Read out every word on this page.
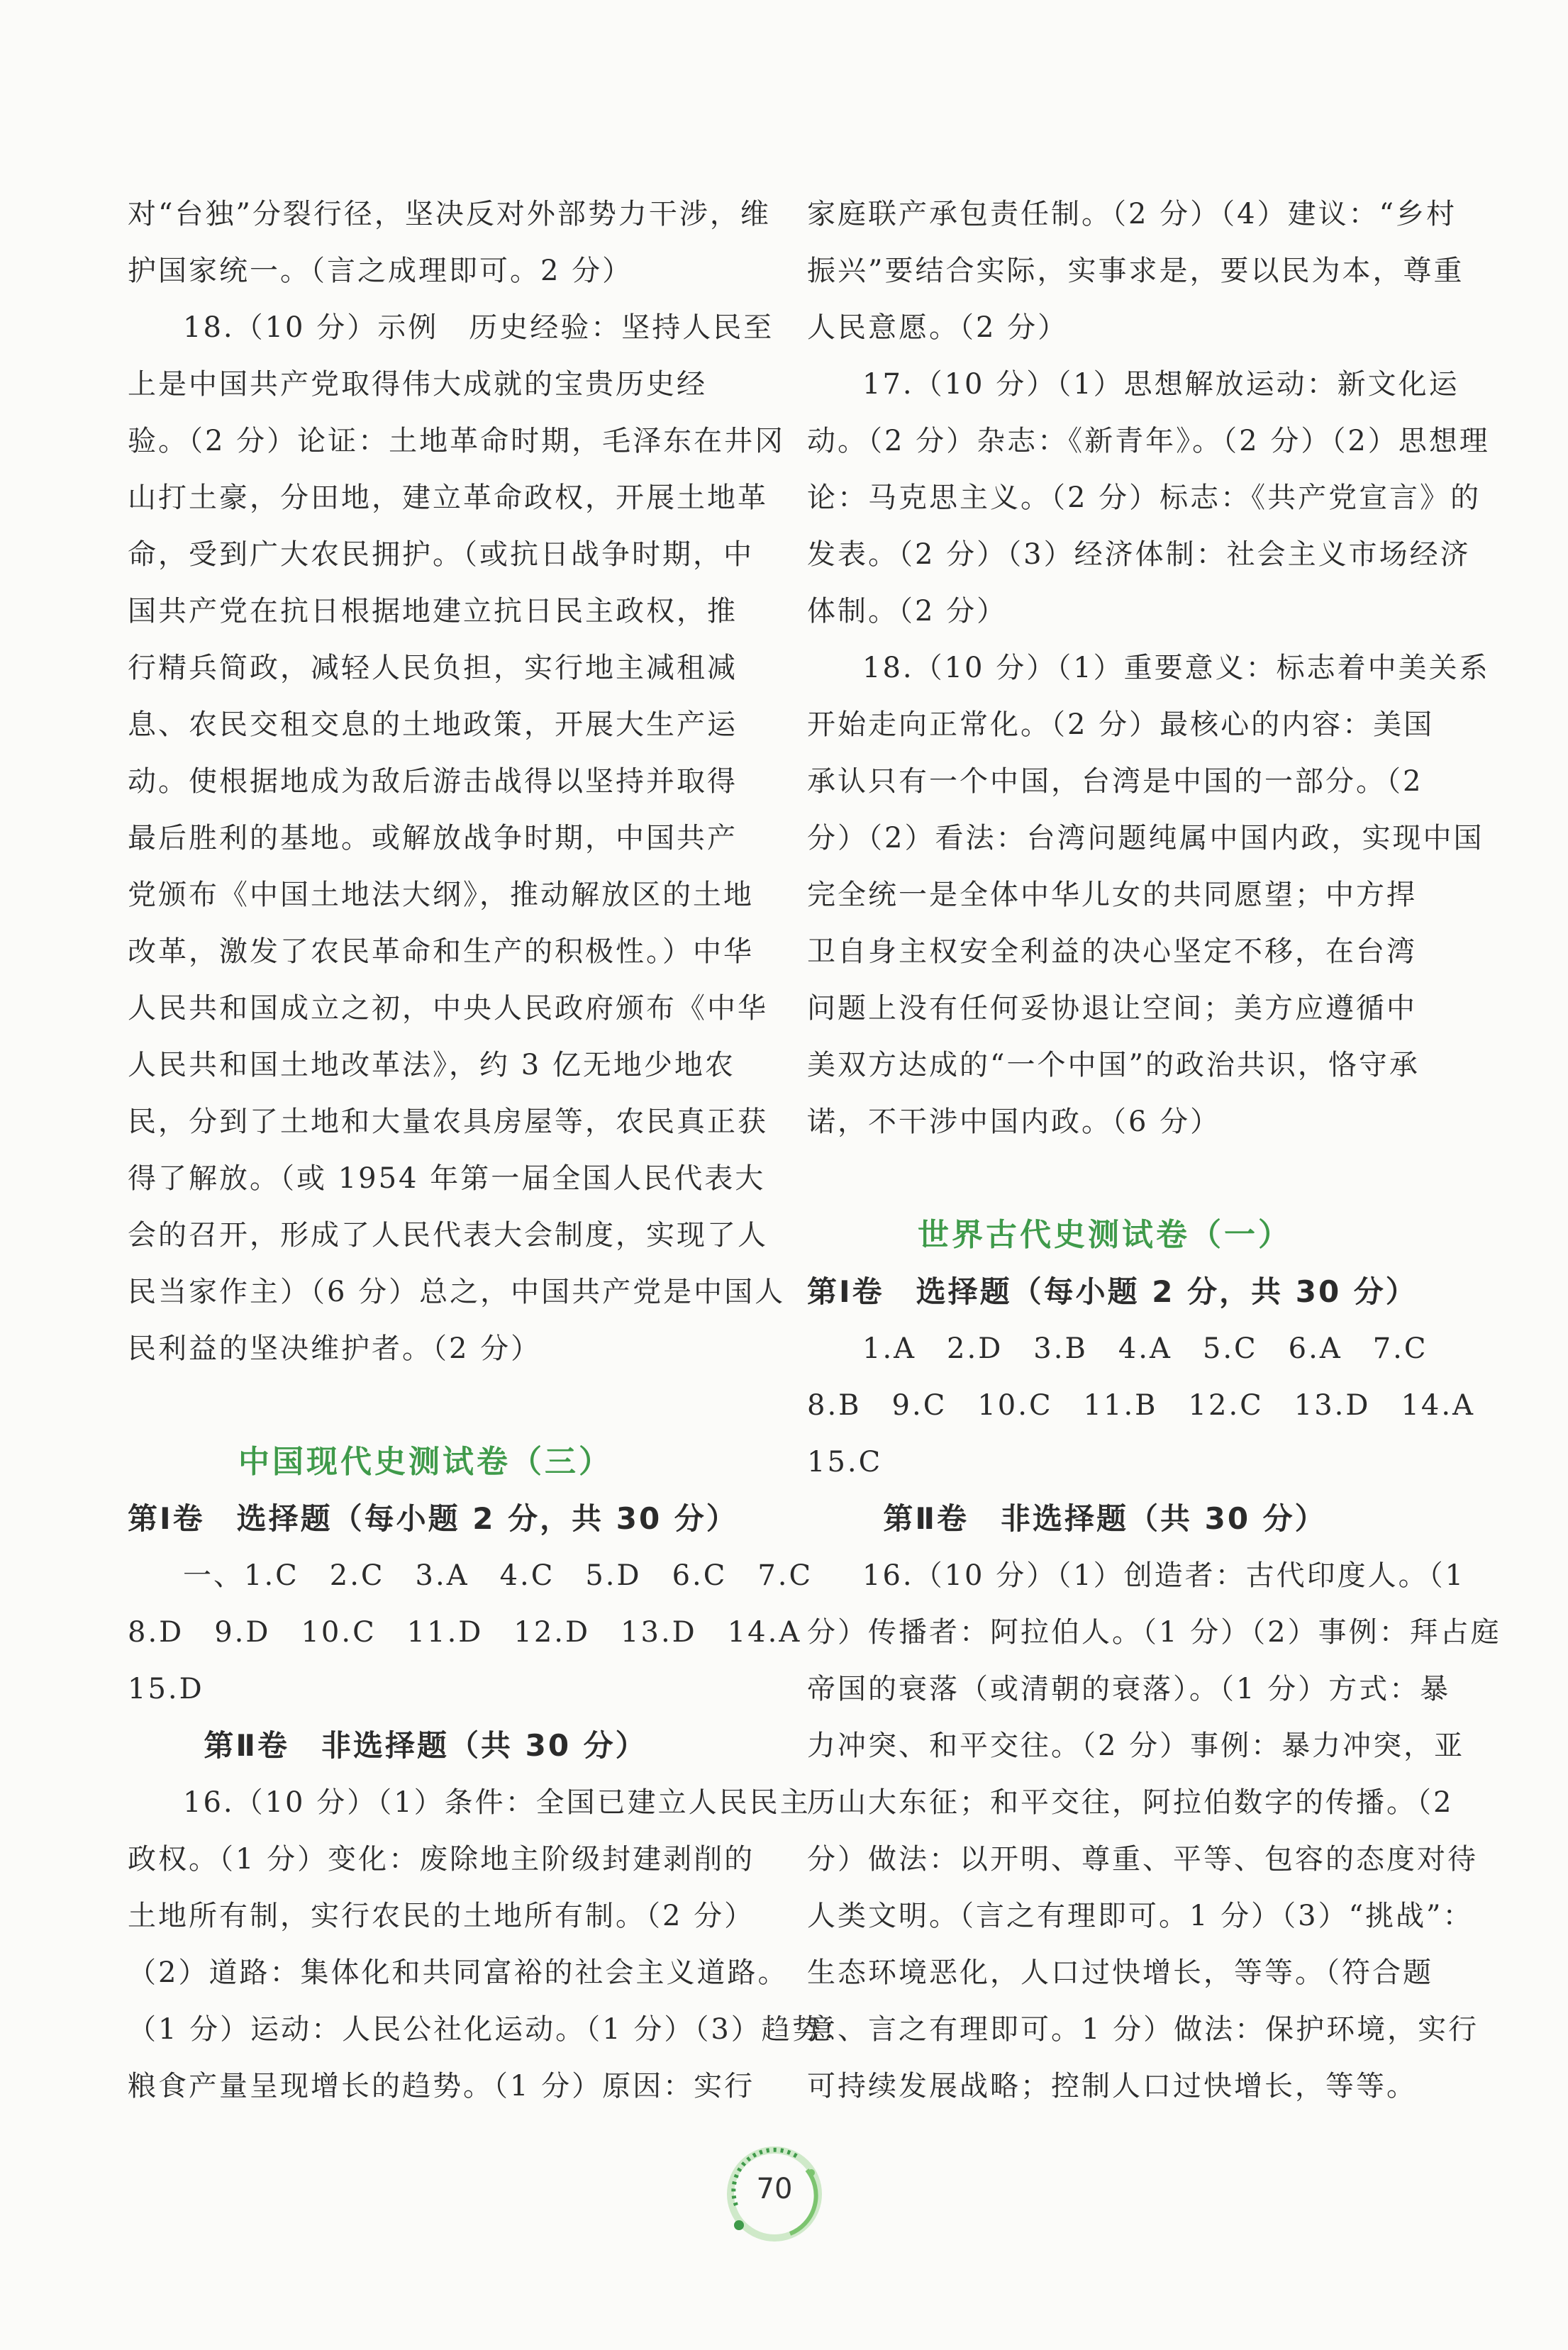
对“台独”分裂行径，坚决反对外部势力干涉，维
护国家统一。（言之成理即可。2 分）
18.（10 分）示例　历史经验：坚持人民至
上是中国共产党取得伟大成就的宝贵历史经
验。（2 分）论证：土地革命时期，毛泽东在井冈
山打土豪，分田地，建立革命政权，开展土地革
命，受到广大农民拥护。（或抗日战争时期，中
国共产党在抗日根据地建立抗日民主政权，推
行精兵简政，减轻人民负担，实行地主减租减
息、农民交租交息的土地政策，开展大生产运
动。使根据地成为敌后游击战得以坚持并取得
最后胜利的基地。或解放战争时期，中国共产
党颁布《中国土地法大纲》，推动解放区的土地
改革，激发了农民革命和生产的积极性。）中华
人民共和国成立之初，中央人民政府颁布《中华
人民共和国土地改革法》，约 3 亿无地少地农
民，分到了土地和大量农具房屋等，农民真正获
得了解放。（或 1954 年第一届全国人民代表大
会的召开，形成了人民代表大会制度，实现了人
民当家作主）（6 分）总之，中国共产党是中国人
民利益的坚决维护者。（2 分）
中国现代史测试卷（三）
第Ⅰ卷　选择题（每小题 2 分，共 30 分）
一、1.C　2.C　3.A　4.C　5.D　6.C　7.C
8.D　9.D　10.C　11.D　12.D　13.D　14.A
15.D
第Ⅱ卷　非选择题（共 30 分）
16.（10 分）（1）条件：全国已建立人民民主
政权。（1 分）变化：废除地主阶级封建剥削的
土地所有制，实行农民的土地所有制。（2 分）
（2）道路：集体化和共同富裕的社会主义道路。
（1 分）运动：人民公社化运动。（1 分）（3）趋势：
粮食产量呈现增长的趋势。（1 分）原因：实行
家庭联产承包责任制。（2 分）（4）建议：“乡村
振兴”要结合实际，实事求是，要以民为本，尊重
人民意愿。（2 分）
17.（10 分）（1）思想解放运动：新文化运
动。（2 分）杂志：《新青年》。（2 分）（2）思想理
论：马克思主义。（2 分）标志：《共产党宣言》的
发表。（2 分）（3）经济体制：社会主义市场经济
体制。（2 分）
18.（10 分）（1）重要意义：标志着中美关系
开始走向正常化。（2 分）最核心的内容：美国
承认只有一个中国，台湾是中国的一部分。（2
分）（2）看法：台湾问题纯属中国内政，实现中国
完全统一是全体中华儿女的共同愿望；中方捍
卫自身主权安全利益的决心坚定不移，在台湾
问题上没有任何妥协退让空间；美方应遵循中
美双方达成的“一个中国”的政治共识，恪守承
诺，不干涉中国内政。（6 分）
世界古代史测试卷（一）
第Ⅰ卷　选择题（每小题 2 分，共 30 分）
1.A　2.D　3.B　4.A　5.C　6.A　7.C
8.B　9.C　10.C　11.B　12.C　13.D　14.A
15.C
第Ⅱ卷　非选择题（共 30 分）
16.（10 分）（1）创造者：古代印度人。（1
分）传播者：阿拉伯人。（1 分）（2）事例：拜占庭
帝国的衰落（或清朝的衰落）。（1 分）方式：暴
力冲突、和平交往。（2 分）事例：暴力冲突，亚
历山大东征；和平交往，阿拉伯数字的传播。（2
分）做法：以开明、尊重、平等、包容的态度对待
人类文明。（言之有理即可。1 分）（3）“挑战”：
生态环境恶化，人口过快增长，等等。（符合题
意、言之有理即可。1 分）做法：保护环境，实行
可持续发展战略；控制人口过快增长，等等。
70
